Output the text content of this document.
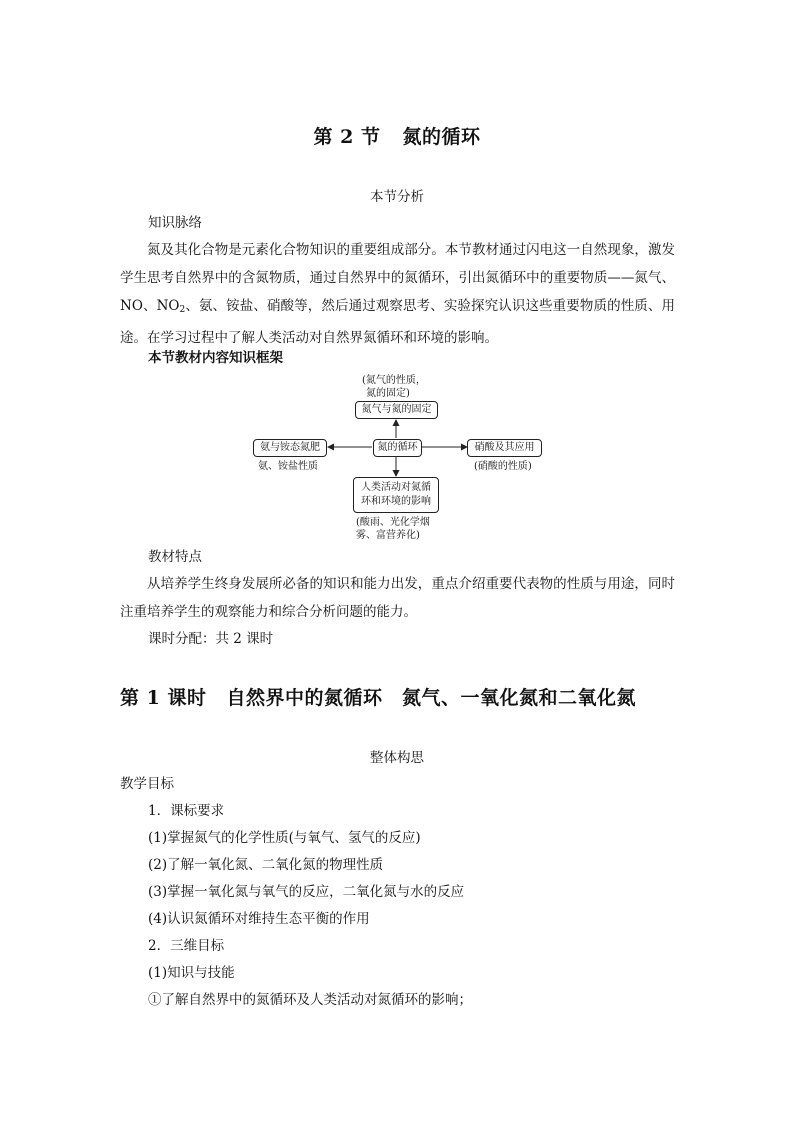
第 2 节 氮的循环
本节分析
知识脉络
氮及其化合物是元素化合物知识的重要组成部分。本节教材通过闪电这一自然现象，激发学生思考自然界中的含氮物质，通过自然界中的氮循环，引出氮循环中的重要物质——氮气、NO、$NO_2$、氨、铵盐、硝酸等，然后通过观察思考、实验探究认识这些重要物质的性质、用途。在学习过程中了解人类活动对自然界氮循环和环境的影响。
本节教材内容知识框架
(氮气的性质，
氮的固定)
氮气与氮的固定
氮的循环
氨与铵态氮肥
氨、铵盐性质
硝酸及其应用
(硝酸的性质)
人类活动对氮循
环和环境的影响
(酸雨、光化学烟
雾、富营养化)
教材特点
从培养学生终身发展所必备的知识和能力出发，重点介绍重要代表物的性质与用途，同时注重培养学生的观察能力和综合分析问题的能力。
课时分配：共 2 课时
第 1 课时 自然界中的氮循环　氮气、一氧化氮和二氧化氮
整体构思
教学目标
1．课标要求
(1)掌握氮气的化学性质(与氧气、氢气的反应)
(2)了解一氧化氮、二氧化氮的物理性质
(3)掌握一氧化氮与氧气的反应，二氧化氮与水的反应
(4)认识氮循环对维持生态平衡的作用
2．三维目标
(1)知识与技能
①了解自然界中的氮循环及人类活动对氮循环的影响；
